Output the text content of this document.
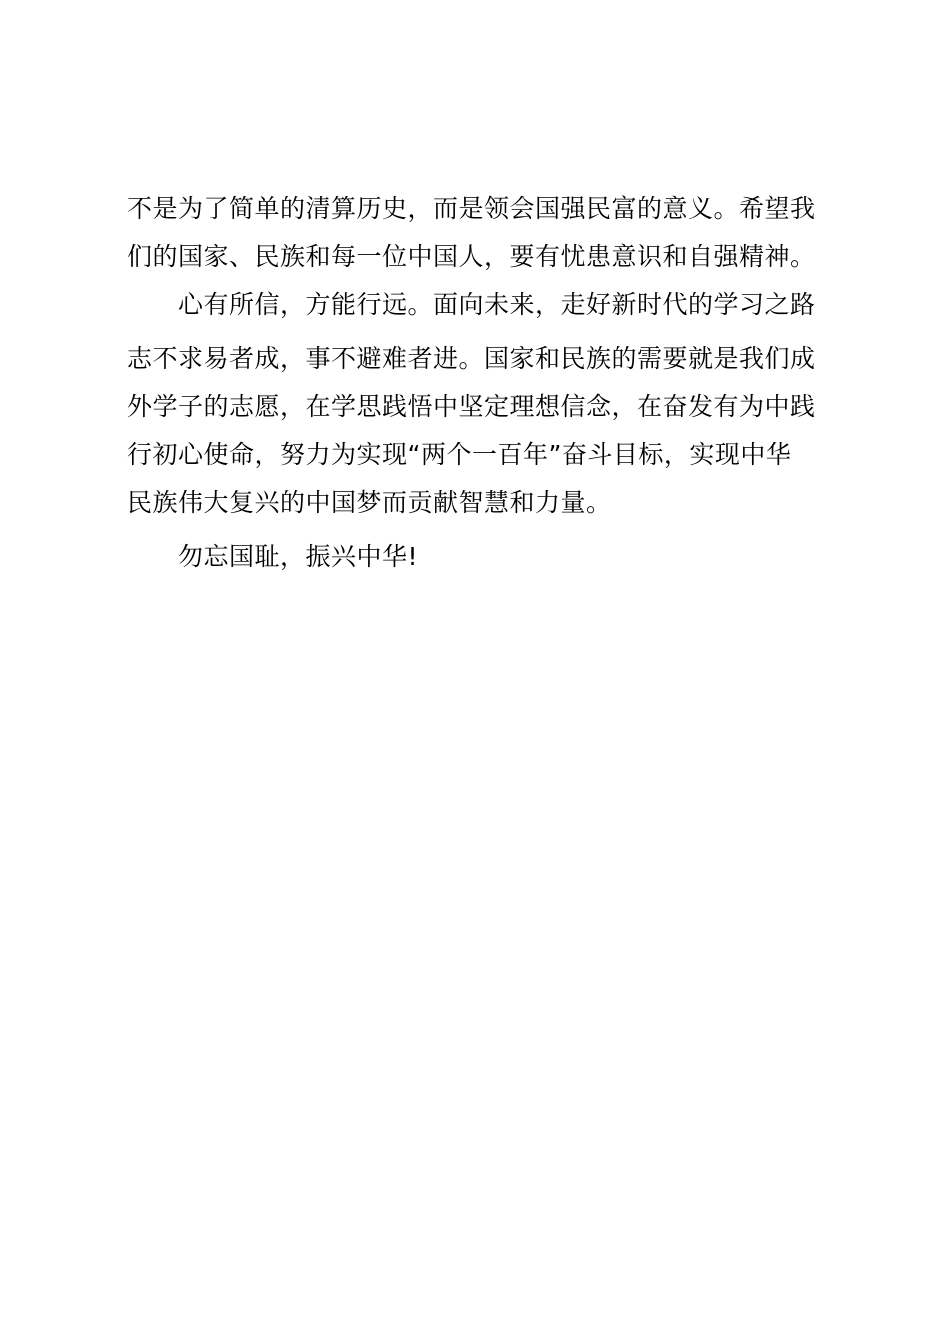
不是为了简单的清算历史，而是领会国强民富的意义。希望我
们的国家、民族和每一位中国人，要有忧患意识和自强精神。
心有所信，方能行远。面向未来，走好新时代的学习之路
志不求易者成，事不避难者进。国家和民族的需要就是我们成
外学子的志愿，在学思践悟中坚定理想信念，在奋发有为中践
行初心使命，努力为实现“两个一百年”奋斗目标，实现中华
民族伟大复兴的中国梦而贡献智慧和力量。
勿忘国耻，振兴中华!
